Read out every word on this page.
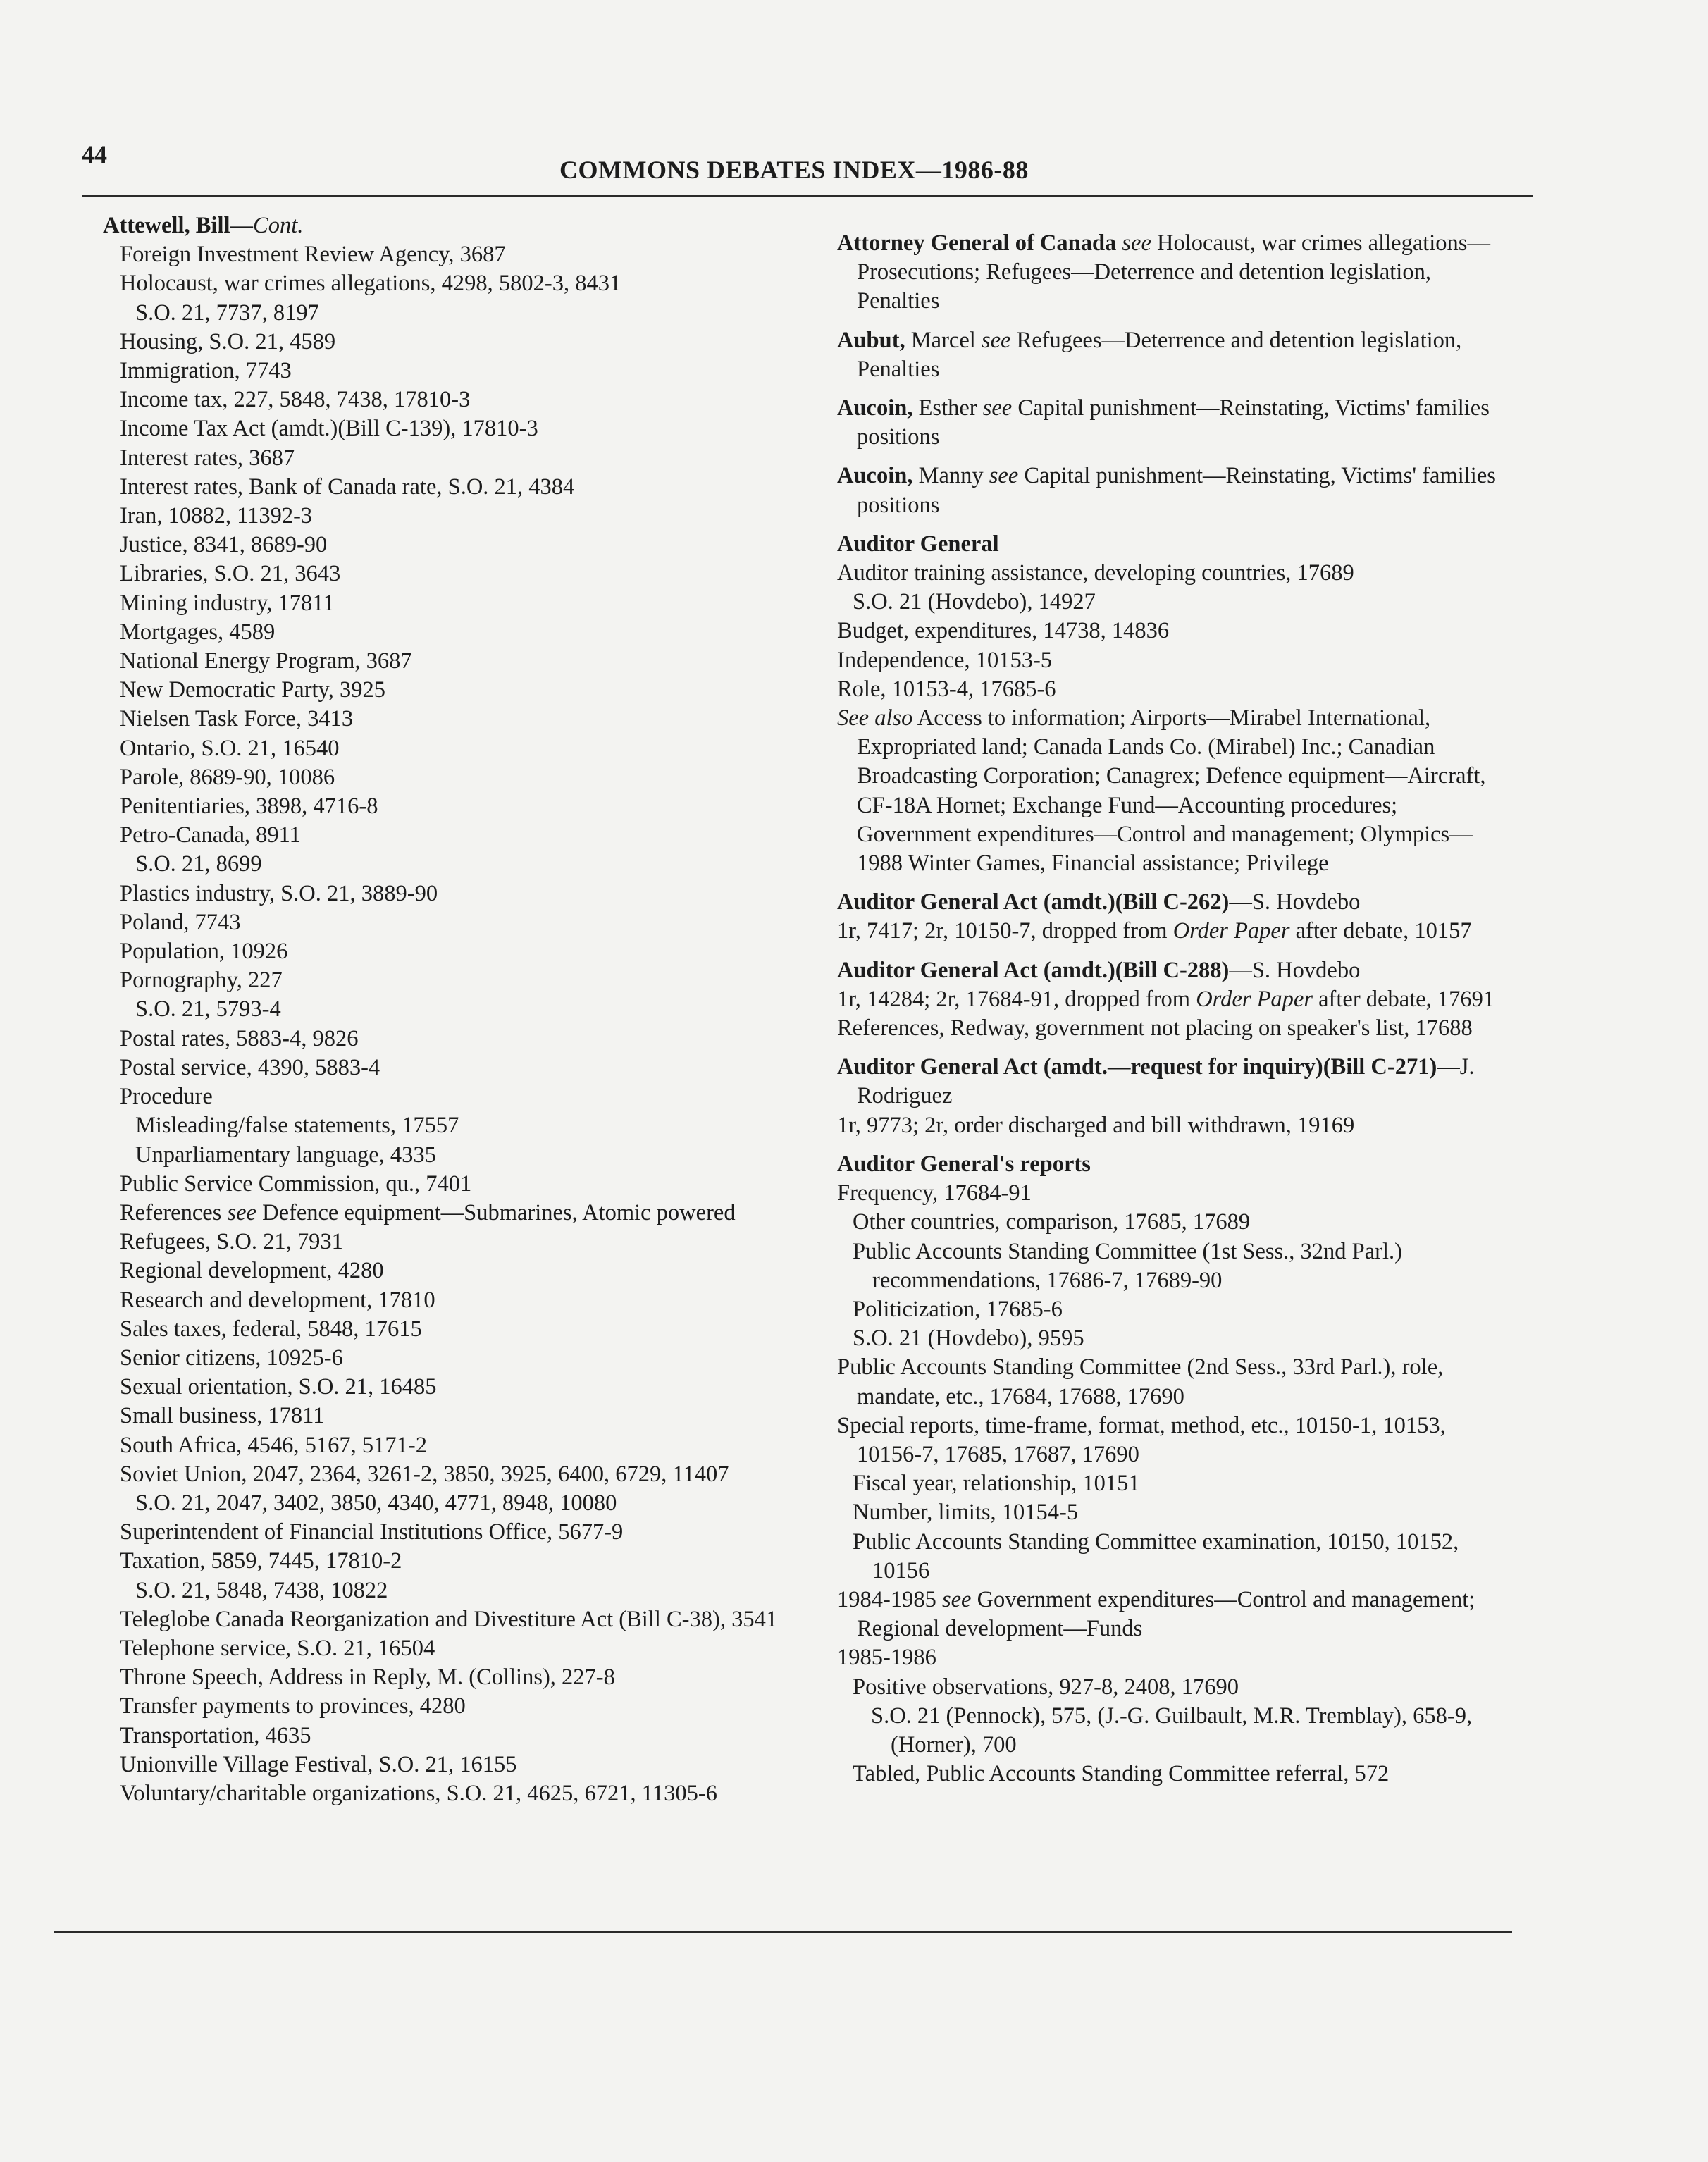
44
COMMONS DEBATES INDEX—1986-88

Attewell, Bill—Cont.

Foreign Investment Review Agency, 3687

Holocaust, war crimes allegations, 4298, 5802-3, 8431

S.O. 21, 7737, 8197

Housing, S.O. 21, 4589

Immigration, 7743

Income tax, 227, 5848, 7438, 17810-3

Income Tax Act (amdt.)(Bill C-139), 17810-3

Interest rates, 3687

Interest rates, Bank of Canada rate, S.O. 21, 4384

Iran, 10882, 11392-3

Justice, 8341, 8689-90

Libraries, S.O. 21, 3643

Mining industry, 17811

Mortgages, 4589

National Energy Program, 3687

New Democratic Party, 3925

Nielsen Task Force, 3413

Ontario, S.O. 21, 16540

Parole, 8689-90, 10086

Penitentiaries, 3898, 4716-8

Petro-Canada, 8911

S.O. 21, 8699

Plastics industry, S.O. 21, 3889-90

Poland, 7743

Population, 10926

Pornography, 227

S.O. 21, 5793-4

Postal rates, 5883-4, 9826

Postal service, 4390, 5883-4

Procedure

Misleading/false statements, 17557

Unparliamentary language, 4335

Public Service Commission, qu., 7401

References see Defence equipment—Submarines, Atomic powered

Refugees, S.O. 21, 7931

Regional development, 4280

Research and development, 17810

Sales taxes, federal, 5848, 17615

Senior citizens, 10925-6

Sexual orientation, S.O. 21, 16485

Small business, 17811

South Africa, 4546, 5167, 5171-2

Soviet Union, 2047, 2364, 3261-2, 3850, 3925, 6400, 6729, 11407

S.O. 21, 2047, 3402, 3850, 4340, 4771, 8948, 10080

Superintendent of Financial Institutions Office, 5677-9

Taxation, 5859, 7445, 17810-2

S.O. 21, 5848, 7438, 10822

Teleglobe Canada Reorganization and Divestiture Act (Bill C-38), 3541

Telephone service, S.O. 21, 16504

Throne Speech, Address in Reply, M. (Collins), 227-8

Transfer payments to provinces, 4280

Transportation, 4635

Unionville Village Festival, S.O. 21, 16155

Voluntary/charitable organizations, S.O. 21, 4625, 6721, 11305-6

Attorney General of Canada see Holocaust, war crimes allegations—Prosecutions; Refugees—Deterrence and detention legislation, Penalties

Aubut, Marcel see Refugees—Deterrence and detention legislation, Penalties

Aucoin, Esther see Capital punishment—Reinstating, Victims' families positions

Aucoin, Manny see Capital punishment—Reinstating, Victims' families positions

Auditor General

Auditor training assistance, developing countries, 17689

S.O. 21 (Hovdebo), 14927

Budget, expenditures, 14738, 14836

Independence, 10153-5

Role, 10153-4, 17685-6

See also Access to information; Airports—Mirabel International, Expropriated land; Canada Lands Co. (Mirabel) Inc.; Canadian Broadcasting Corporation; Canagrex; Defence equipment—Aircraft, CF-18A Hornet; Exchange Fund—Accounting procedures; Government expenditures—Control and management; Olympics—1988 Winter Games, Financial assistance; Privilege

Auditor General Act (amdt.)(Bill C-262)—S. Hovdebo

1r, 7417; 2r, 10150-7, dropped from Order Paper after debate, 10157

Auditor General Act (amdt.)(Bill C-288)—S. Hovdebo

1r, 14284; 2r, 17684-91, dropped from Order Paper after debate, 17691

References, Redway, government not placing on speaker's list, 17688

Auditor General Act (amdt.—request for inquiry)(Bill C-271)—J. Rodriguez

1r, 9773; 2r, order discharged and bill withdrawn, 19169

Auditor General's reports

Frequency, 17684-91

Other countries, comparison, 17685, 17689

Public Accounts Standing Committee (1st Sess., 32nd Parl.) recommendations, 17686-7, 17689-90

Politicization, 17685-6

S.O. 21 (Hovdebo), 9595

Public Accounts Standing Committee (2nd Sess., 33rd Parl.), role, mandate, etc., 17684, 17688, 17690

Special reports, time-frame, format, method, etc., 10150-1, 10153, 10156-7, 17685, 17687, 17690

Fiscal year, relationship, 10151

Number, limits, 10154-5

Public Accounts Standing Committee examination, 10150, 10152, 10156

1984-1985 see Government expenditures—Control and management; Regional development—Funds

1985-1986

Positive observations, 927-8, 2408, 17690

S.O. 21 (Pennock), 575, (J.-G. Guilbault, M.R. Tremblay), 658-9, (Horner), 700

Tabled, Public Accounts Standing Committee referral, 572
